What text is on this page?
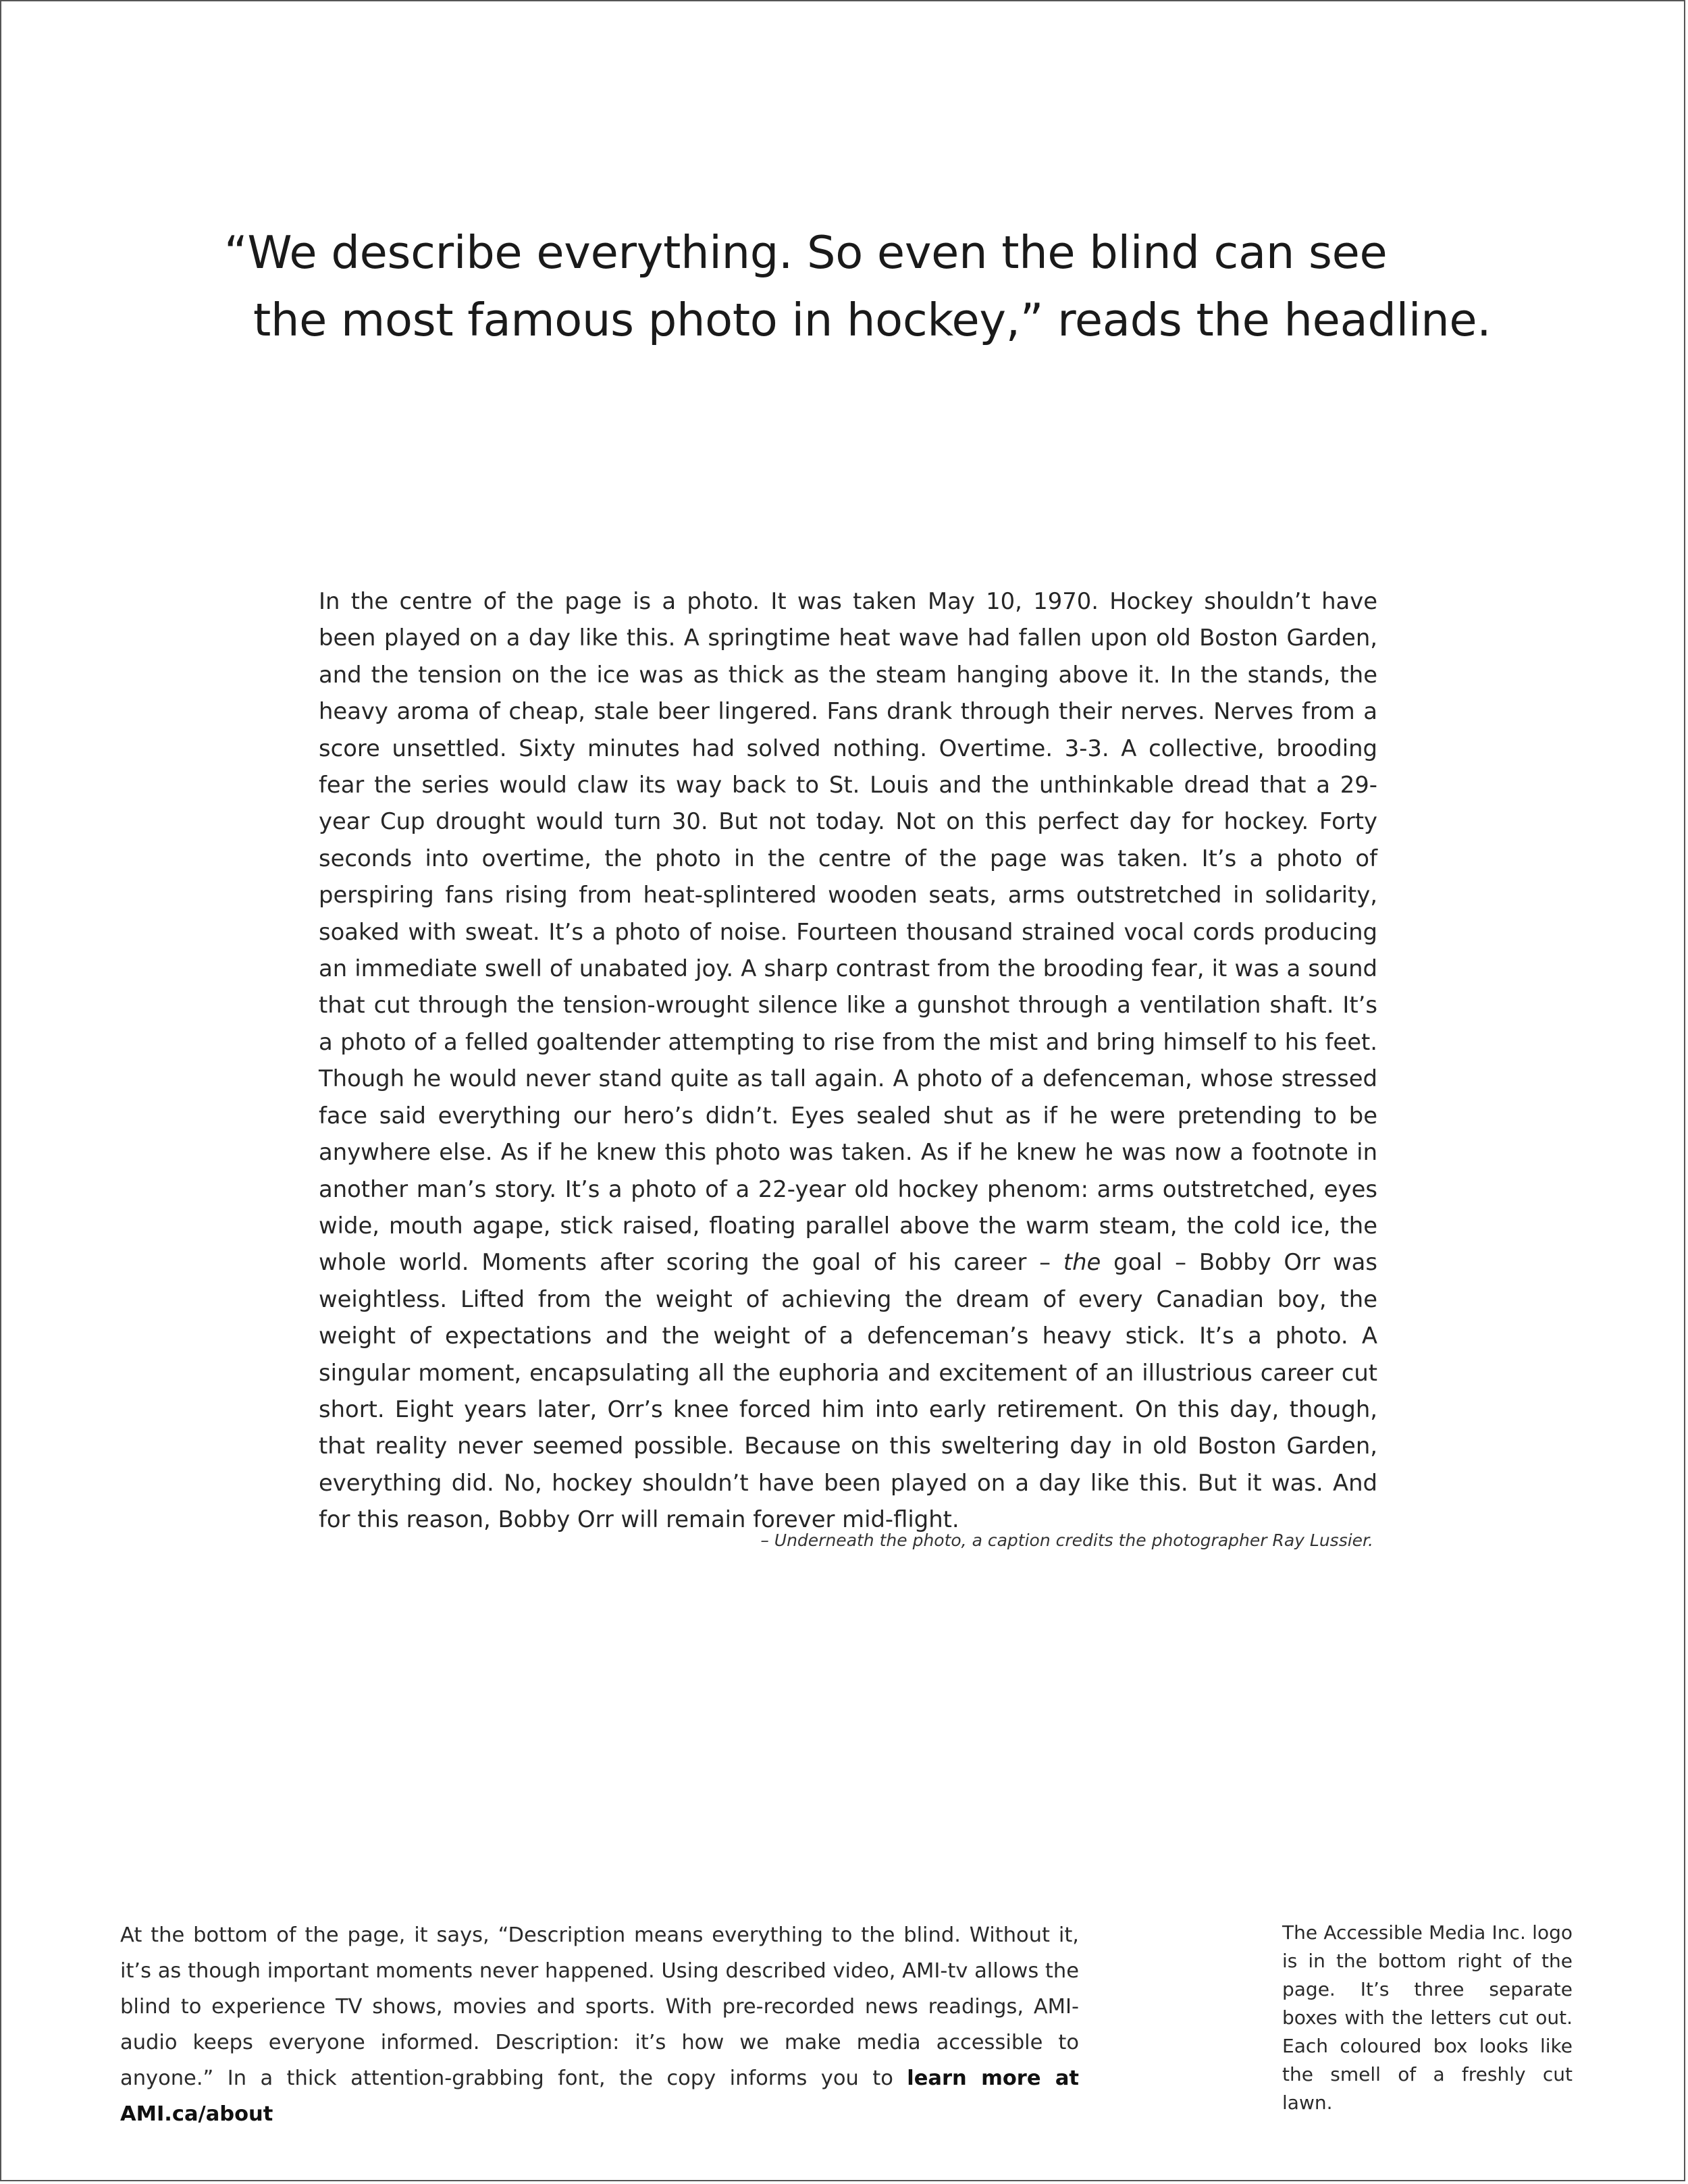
“We describe everything. So even the blind can see
the most famous photo in hockey,” reads the headline.

In the centre of the page is a photo. It was taken May 10, 1970. Hockey shouldn’t have been played on a day like this. A springtime heat wave had fallen upon old Boston Garden, and the tension on the ice was as thick as the steam hanging above it. In the stands, the heavy aroma of cheap, stale beer lingered. Fans drank through their nerves. Nerves from a score unsettled. Sixty minutes had solved nothing. Overtime. 3-3. A collective, brooding fear the series would claw its way back to St. Louis and the unthinkable dread that a 29-year Cup drought would turn 30. But not today. Not on this perfect day for hockey. Forty seconds into overtime, the photo in the centre of the page was taken. It’s a photo of perspiring fans rising from heat-splintered wooden seats, arms outstretched in solidarity, soaked with sweat. It’s a photo of noise. Fourteen thousand strained vocal cords producing an immediate swell of unabated joy. A sharp contrast from the brooding fear, it was a sound that cut through the tension-wrought silence like a gunshot through a ventilation shaft. It’s a photo of a felled goaltender attempting to rise from the mist and bring himself to his feet. Though he would never stand quite as tall again. A photo of a defenceman, whose stressed face said everything our hero’s didn’t. Eyes sealed shut as if he were pretending to be anywhere else. As if he knew this photo was taken. As if he knew he was now a footnote in another man’s story. It’s a photo of a 22-year old hockey phenom: arms outstretched, eyes wide, mouth agape, stick raised, floating parallel above the warm steam, the cold ice, the whole world. Moments after scoring the goal of his career – the goal – Bobby Orr was weightless. Lifted from the weight of achieving the dream of every Canadian boy, the weight of expectations and the weight of a defenceman’s heavy stick. It’s a photo. A singular moment, encapsulating all the euphoria and excitement of an illustrious career cut short. Eight years later, Orr’s knee forced him into early retirement. On this day, though, that reality never seemed possible. Because on this sweltering day in old Boston Garden, everything did. No, hockey shouldn’t have been played on a day like this. But it was. And for this reason, Bobby Orr will remain forever mid-flight.

– Underneath the photo, a caption credits the photographer Ray Lussier.

At the bottom of the page, it says, “Description means everything to the blind. Without it, it’s as though important moments never happened. Using described video, AMI-tv allows the blind to experience TV shows, movies and sports. With pre-recorded news readings, AMI-audio keeps everyone informed. Description: it’s how we make media accessible to anyone.” In a thick attention-grabbing font, the copy informs you to learn more at AMI.ca/about

The Accessible Media Inc. logo is in the bottom right of the page. It’s three separate boxes with the letters cut out. Each coloured box looks like the smell of a freshly cut lawn.
